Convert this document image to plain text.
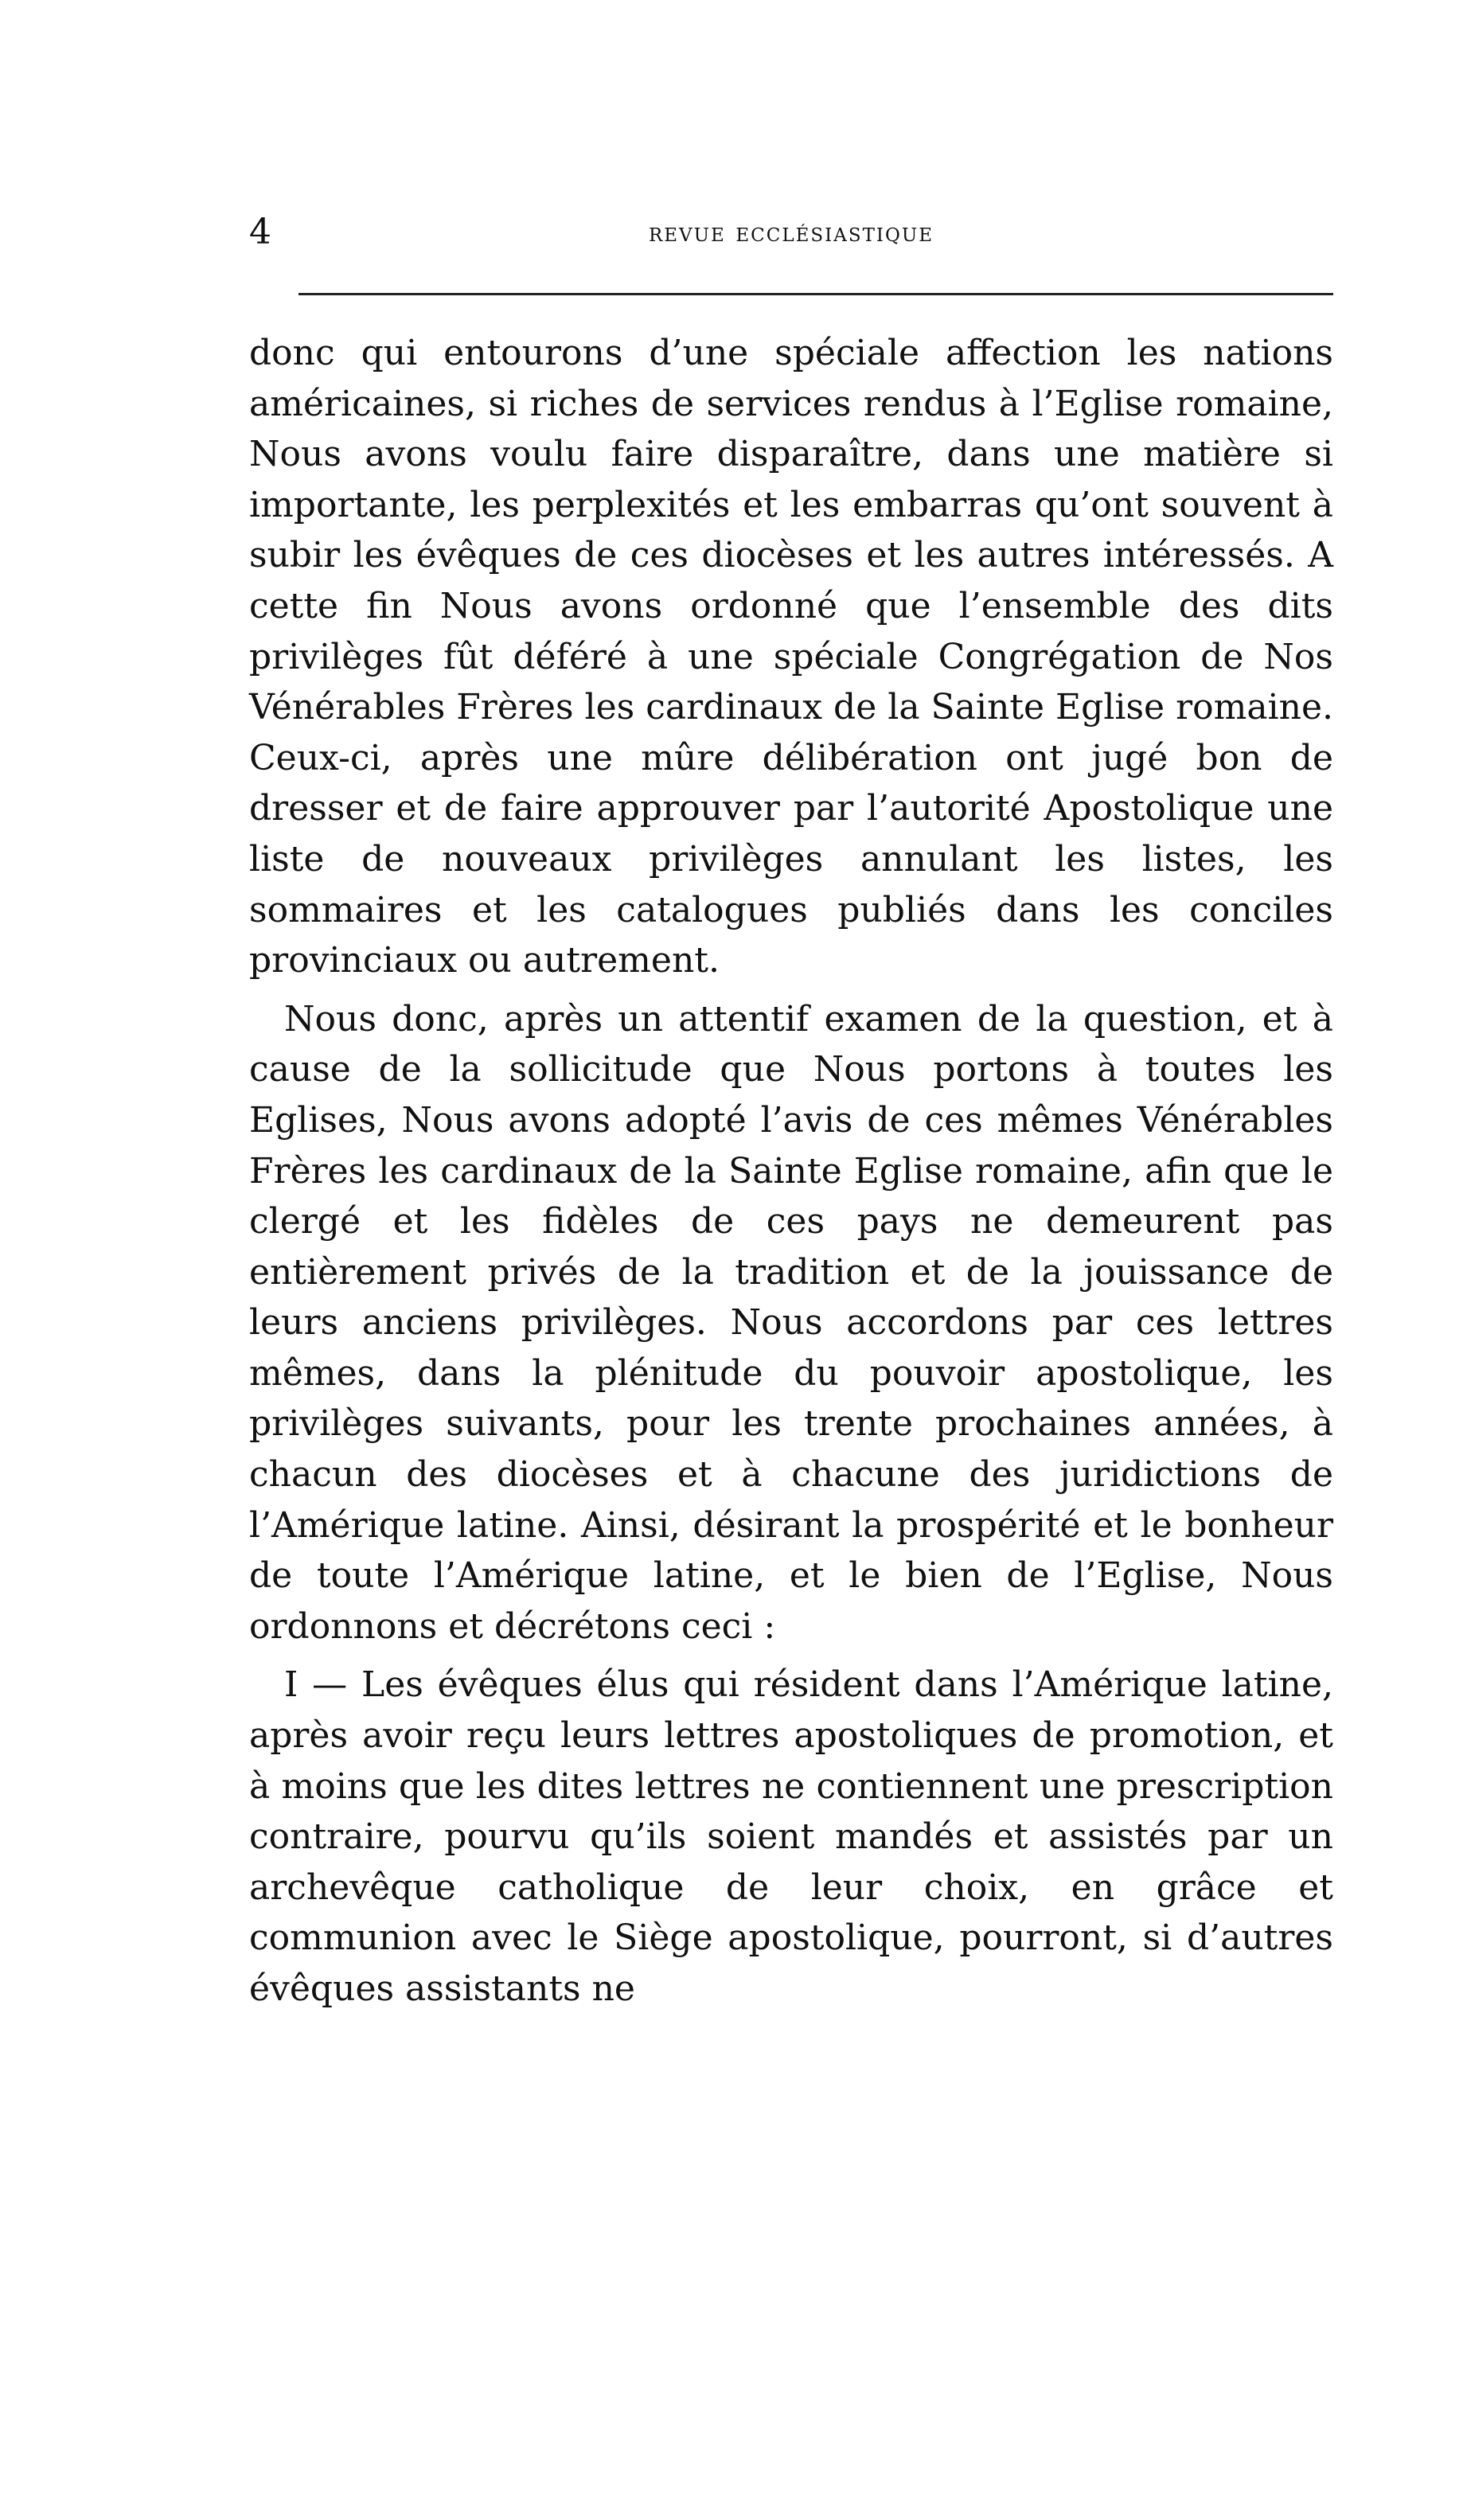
4	revue ecclésiastique

donc qui entourons d’une spéciale affection les nations américaines, si riches de services rendus à l’Eglise romaine, Nous avons voulu faire disparaître, dans une matière si importante, les perplexités et les embarras qu’ont souvent à subir les évêques de ces diocèses et les autres intéressés. A cette fin Nous avons ordonné que l’ensemble des dits privilèges fût déféré à une spéciale Congrégation de Nos Vénérables Frères les cardinaux de la Sainte Eglise romaine. Ceux-ci, après une mûre délibération ont jugé bon de dresser et de faire approuver par l’autorité Apostolique une liste de nouveaux privilèges annulant les listes, les sommaires et les catalogues publiés dans les conciles provinciaux ou autrement.

Nous donc, après un attentif examen de la question, et à cause de la sollicitude que Nous portons à toutes les Eglises, Nous avons adopté l’avis de ces mêmes Vénérables Frères les cardinaux de la Sainte Eglise romaine, afin que le clergé et les fidèles de ces pays ne demeurent pas entièrement privés de la tradition et de la jouissance de leurs anciens privilèges. Nous accordons par ces lettres mêmes, dans la plénitude du pouvoir apostolique, les privilèges suivants, pour les trente prochaines années, à chacun des diocèses et à chacune des juridictions de l’Amérique latine. Ainsi, désirant la prospérité et le bonheur de toute l’Amérique latine, et le bien de l’Eglise, Nous ordonnons et décrétons ceci :

I — Les évêques élus qui résident dans l’Amérique latine, après avoir reçu leurs lettres apostoliques de promotion, et à moins que les dites lettres ne contiennent une prescription contraire, pourvu qu’ils soient mandés et assistés par un archevêque catholique de leur choix, en grâce et communion avec le Siège apostolique, pourront, si d’autres évêques assistants ne
